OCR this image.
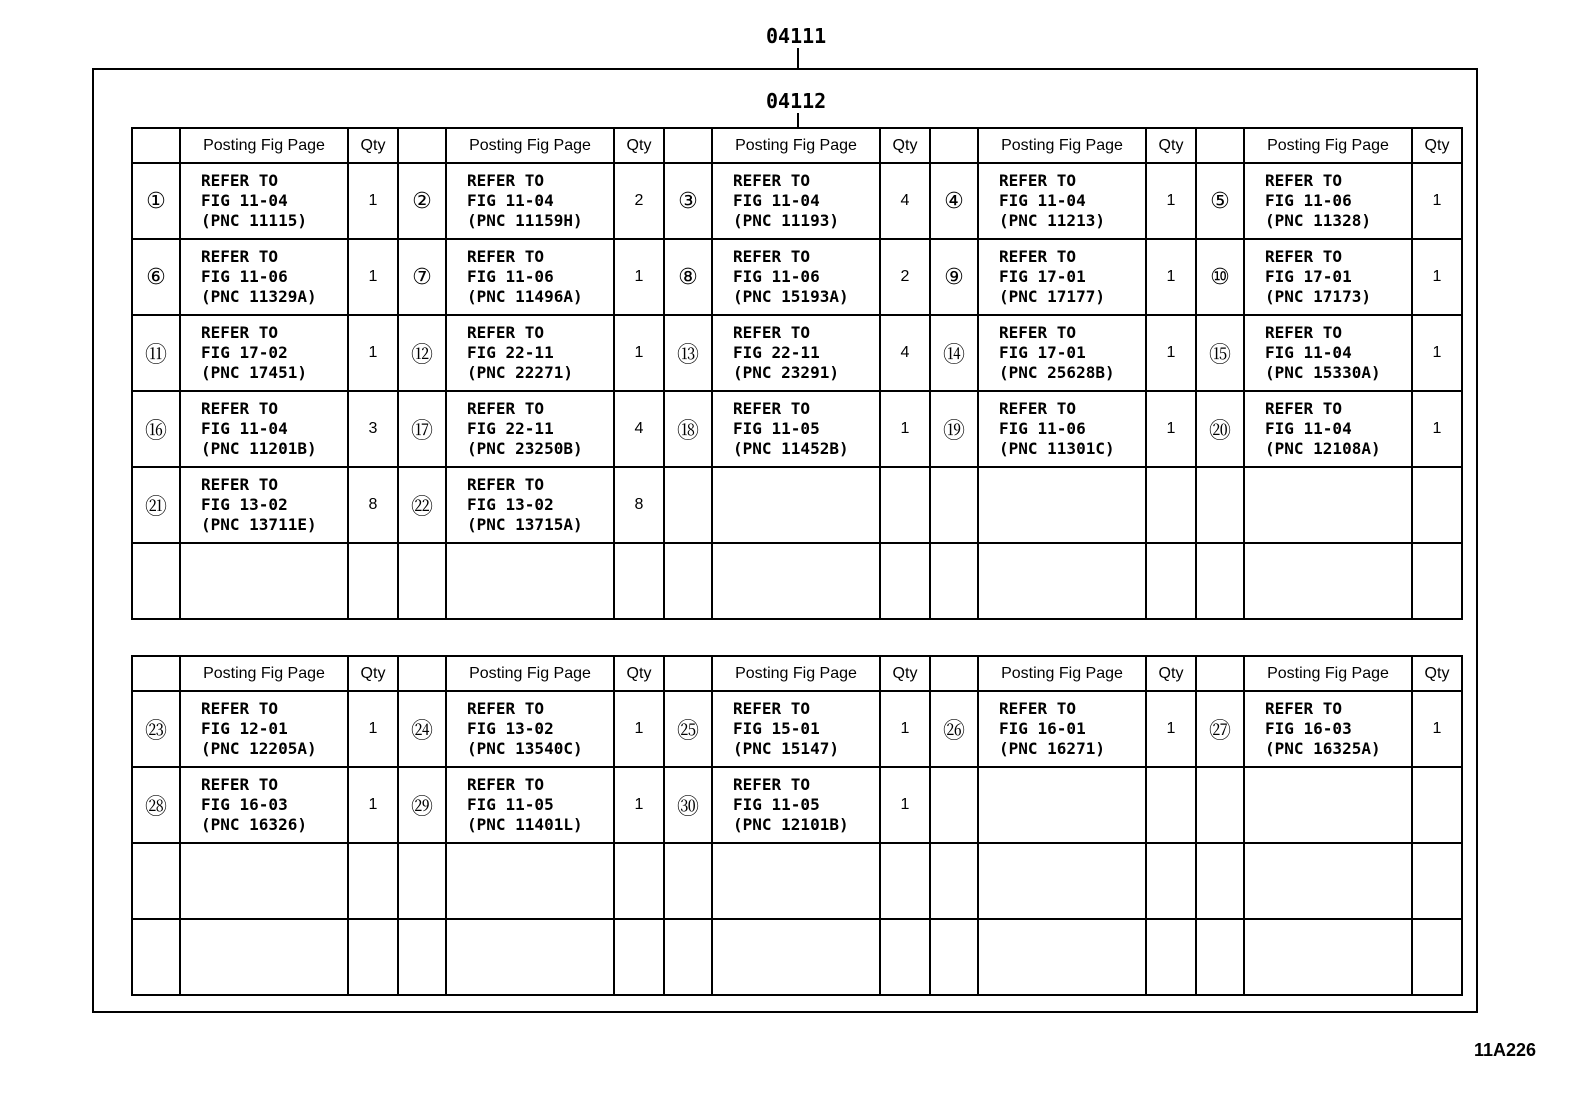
04111
04112
	Posting Fig Page	Qty		Posting Fig Page	Qty		Posting Fig Page	Qty		Posting Fig Page	Qty		Posting Fig Page	Qty
①	REFER TO
FIG 11-04
(PNC 11115)	1	②	REFER TO
FIG 11-04
(PNC 11159H)	2	③	REFER TO
FIG 11-04
(PNC 11193)	4	④	REFER TO
FIG 11-04
(PNC 11213)	1	⑤	REFER TO
FIG 11-06
(PNC 11328)	1
⑥	REFER TO
FIG 11-06
(PNC 11329A)	1	⑦	REFER TO
FIG 11-06
(PNC 11496A)	1	⑧	REFER TO
FIG 11-06
(PNC 15193A)	2	⑨	REFER TO
FIG 17-01
(PNC 17177)	1	⑩	REFER TO
FIG 17-01
(PNC 17173)	1
⑪	REFER TO
FIG 17-02
(PNC 17451)	1	⑫	REFER TO
FIG 22-11
(PNC 22271)	1	⑬	REFER TO
FIG 22-11
(PNC 23291)	4	⑭	REFER TO
FIG 17-01
(PNC 25628B)	1	⑮	REFER TO
FIG 11-04
(PNC 15330A)	1
⑯	REFER TO
FIG 11-04
(PNC 11201B)	3	⑰	REFER TO
FIG 22-11
(PNC 23250B)	4	⑱	REFER TO
FIG 11-05
(PNC 11452B)	1	⑲	REFER TO
FIG 11-06
(PNC 11301C)	1	⑳	REFER TO
FIG 11-04
(PNC 12108A)	1
㉑	REFER TO
FIG 13-02
(PNC 13711E)	8	㉒	REFER TO
FIG 13-02
(PNC 13715A)	8									

	Posting Fig Page	Qty		Posting Fig Page	Qty		Posting Fig Page	Qty		Posting Fig Page	Qty		Posting Fig Page	Qty
㉓	REFER TO
FIG 12-01
(PNC 12205A)	1	㉔	REFER TO
FIG 13-02
(PNC 13540C)	1	㉕	REFER TO
FIG 15-01
(PNC 15147)	1	㉖	REFER TO
FIG 16-01
(PNC 16271)	1	㉗	REFER TO
FIG 16-03
(PNC 16325A)	1
㉘	REFER TO
FIG 16-03
(PNC 16326)	1	㉙	REFER TO
FIG 11-05
(PNC 11401L)	1	㉚	REFER TO
FIG 11-05
(PNC 12101B)	1						

11A226
